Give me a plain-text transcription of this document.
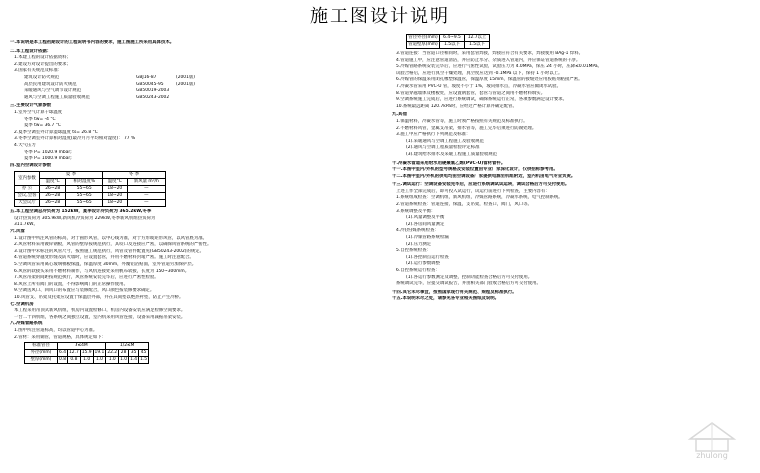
施工图设计说明
一.本说明是本工程初期设计的工程说明书内容的要求，施工图施工所采用具体技术。
二.本工程设计依据：
1.本建工程的设计依据资料；
2.建设方对设计提出的要求；
3.国家有关规范及标准：
建筑设计防火规范	GBJ16-87	(2001版)
高层民用建筑设计防火规范	GB50045-95	(2001版)
采暖通风与空气调节设计规范	GB50019-2003
通风与空调工程施工质量验收规范	GB50243-2002
三.主要设计气象参数
1.室外空气计算干球温度
冬季 tw= -4 °C
夏季 tw= 36.7 °C
2.夏季空调室外计算湿球温度 ts= 26.8 °C
3.冬季空调室外计算相对湿度(最冷月月平均相对湿度)： 77 %
4.大气压力
冬季 P= 1020.9 mbar;
夏季 P= 1000.9 mbar;
四.室内空调设计参数
室内参数	夏 季		冬 季	
	温度°C	相对湿度%	温度°C	新风量 m³/h
办 公	26~28	55~65	18~20	—
会议,会客	26~28	55~65	18~20	—
大会议厅	26~28	55~65	18~20	—
五.本工程空调总冷负荷为 152kW，夏季设计冷负荷为 365.2kW,冬季
设计热负荷为 305.9kW,新风机冷负荷为 229kW,冬季新风机组热负荷为
311.7kW。
六.风管
1.设计图中所注风管的标高，对于圆形风管，以中心线为准，对于方形或矩形风管，以风管底为准。
2.风管材料采用镀锌钢板，风管的壁厚按规范执行，其咬口及连接应严密，以确保风管系统的严密性。
3.设计图中未标注的风管尺寸，按照施工规范执行，风管及管件配置见(GB50243-2002)的规定。
4.管道系统穿越变形缝及防火墙时，应设置套管，并用不燃材料封堵严密。施工时注意配合。
5.空调风管采用离心玻璃棉板保温，保温厚度 30mm，外覆铝箔贴面，室外管道另加保护层。
6.风管的软接头采用不燃材料制作，与风机连接处采用帆布软接，长度为 150~300mm。
7.风管吊架的间距按规范执行，风管系统安装完毕后，应进行严密性检验。
8.风管上所有阀门的设置，不得影响阀门的正常操作使用。
9.空调送风口、回风口的布置应与装修配合，风口颜色按装修要求确定。
10.风管支、吊架及托架应设置于保温层外部，并在其间垫以绝热衬垫，防止产生冷桥。
七.空调机房
本工程采用吊顶式新风机组，机房内设置检修口，机房内设备安装应满足检修空间要求。
一台二十四机组，各系统之间独立设置，室内机采用风管连接，设备采用减振吊架安装。
八.冷媒管路系统
1.图中所注管道标高，均以管道中心为准。
2.管材：采用铜管，管道规格，具体规定如下：
标准管径	ℓ≤4M				1/2≤M			
外径(mm)	6.4	12.7	15.9	19.1	22.2	28	35	45
壁厚(mm)	0.8	0.8	1.0	1.0	1.0	1.0	1.4	1.5
管径外径(mm)	6.4~9.5	12.7以上
管道壁厚(mm)	1.5以下	1.5以下
3.管道连接：当管道口径相同时，采用套管焊接，焊接应符合有关要求，焊接使用 BAg-1 焊料。
4.管道施工中，应注意管道清洁，并应防止水分、杂质进入管道内，并应保证管道系统的干净。
5.冷媒管路系统安装完毕后，应进行气密性试验，试验压力为 4.0MPa，保压 24 小时，压降≤0.01MPa。
试验合格后，应进行真空干燥处理，真空度应达到 -0.1MPa 以下，保持 1 小时以上。
6.冷媒管的保温采用闭孔橡塑保温管，保温厚度 15mm，保温管的接缝处应用胶粘剂粘接严密。
7.冷凝水管采用 PVC-U 管，坡度不小于 1%，坡向排水点，冷凝水管应做闭水试验。
8.管道穿越墙体及楼板处，应设置钢套管，套管与管道之间用不燃材料填实。
9.空调系统施工完成后，应进行系统调试，确保系统运行正常，各项参数满足设计要求。
10.系统最远距离 120.7kPa时，应经过严格计算并确定配管。
九.其他
1.保温材料，冷凝水管等，施工时须严格按照有关规范及标准执行。
2.不燃材料风管，金属支吊架，排水管等，施工完毕后须进行防腐处理。
3.施工中应严格执行下列规范及标准：
(1).采暖通风与空调工程施工及验收规范
(2).通风与空调工程质量检验评定标准
(3).建筑给水排水及采暖工程施工质量验收规范
十.冷凝水管道采用给水用硬聚氯乙烯(PVC-U)管材管件。
十一.本图中室内/外机的型号规格及安装位置由专业厂家深化设计，仅供招标参考用。
十二.本图中室内/外机的供电均由空调设备厂家提供电源至机组附近，室内机由电气专业负责。
十三.调试运行：空调设备安装完毕后，应进行系统调试试运转，调试合格后方可交付使用。
上述工作全部完成后，即可投入试运行，试运行前进行下列检查，主要内容有：
1.系统组成检查：空调机组，新风机组，冷媒管路系统，冷凝水系统，电气控制系统。
2.管道系统检查：管道连接，保温，支吊架，检查口，阀门，风口等。
3.系统调整及平衡：
(1).风量调整及平衡
(2).各房间风量测定
4.冷(热)媒系统检查：
(1).冷媒管路系统检漏
(2).压力测定
5.自控系统检查：
(1).各控制点运行检查
(2).运行参数调整
6.自控系统运行检查：
(1).各运行参数测定及调整，控制功能检查合格后方可交付使用。
系统调试完毕，应提交调试报告，并由相关部门验收合格后方可交付使用。
十四.其它未尽事宜，按照国家现行有关规范、规程及标准执行。
十五.本说明未尽之处，请参见各专业相关图纸及说明。
zhulong
